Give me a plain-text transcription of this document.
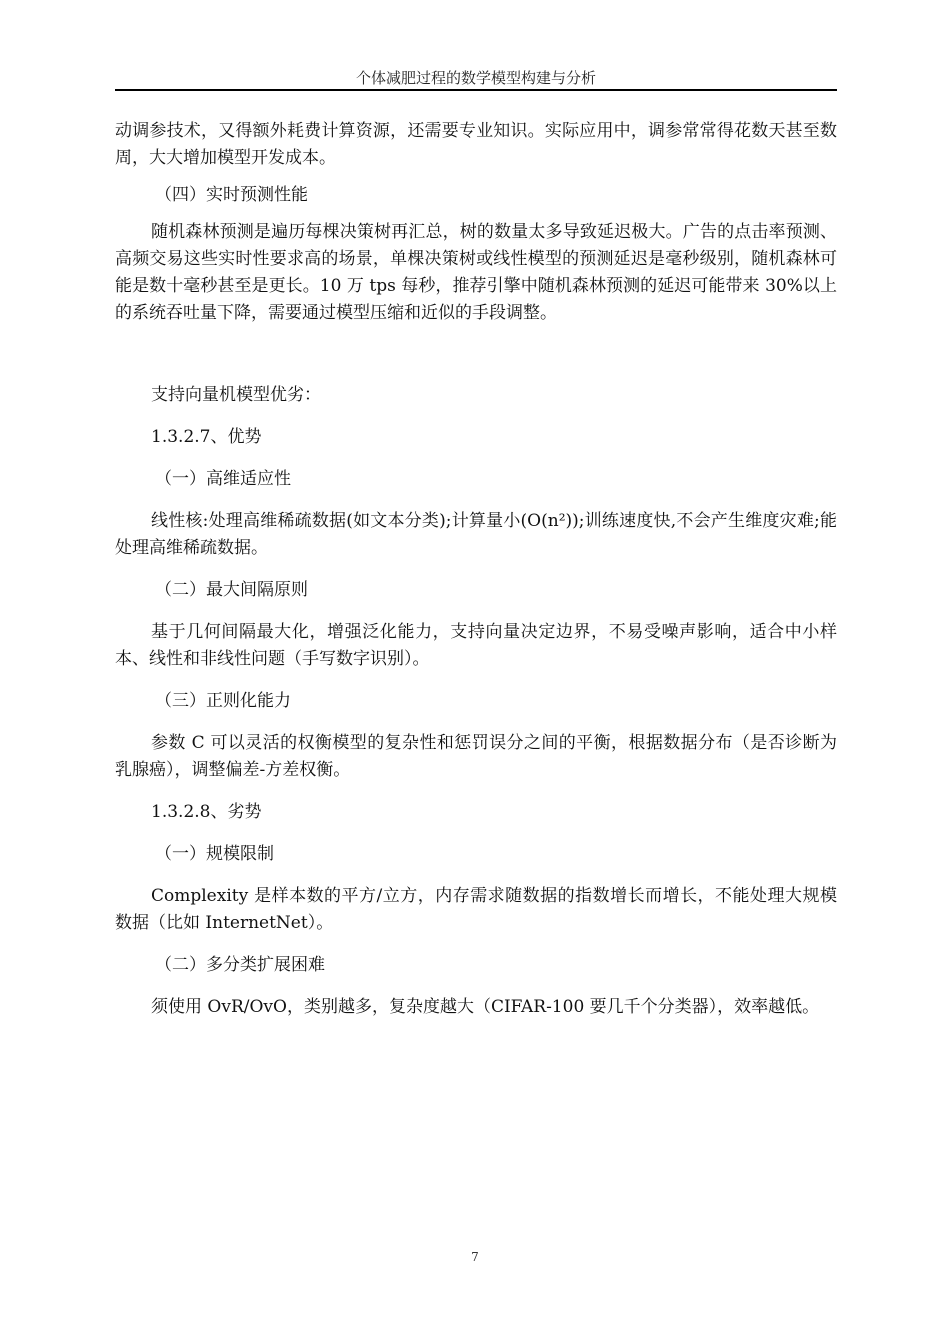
个体减肥过程的数学模型构建与分析

动调参技术，又得额外耗费计算资源，还需要专业知识。实际应用中，调参常常得花数天甚至数周，大大增加模型开发成本。

（四）实时预测性能

随机森林预测是遍历每棵决策树再汇总，树的数量太多导致延迟极大。广告的点击率预测、高频交易这些实时性要求高的场景，单棵决策树或线性模型的预测延迟是毫秒级别，随机森林可能是数十毫秒甚至是更长。10 万 tps 每秒，推荐引擎中随机森林预测的延迟可能带来 30%以上的系统吞吐量下降，需要通过模型压缩和近似的手段调整。

支持向量机模型优劣：

1.3.2.7、优势

（一）高维适应性

线性核:处理高维稀疏数据(如文本分类);计算量小(O(n²));训练速度快,不会产生维度灾难;能处理高维稀疏数据。

（二）最大间隔原则

基于几何间隔最大化，增强泛化能力，支持向量决定边界，不易受噪声影响，适合中小样本、线性和非线性问题（手写数字识别）。

（三）正则化能力

参数 C 可以灵活的权衡模型的复杂性和惩罚误分之间的平衡，根据数据分布（是否诊断为乳腺癌），调整偏差-方差权衡。

1.3.2.8、劣势

（一）规模限制

Complexity 是样本数的平方/立方，内存需求随数据的指数增长而增长，不能处理大规模数据（比如 InternetNet）。

（二）多分类扩展困难

须使用 OvR/OvO，类别越多，复杂度越大（CIFAR-100 要几千个分类器），效率越低。

7
